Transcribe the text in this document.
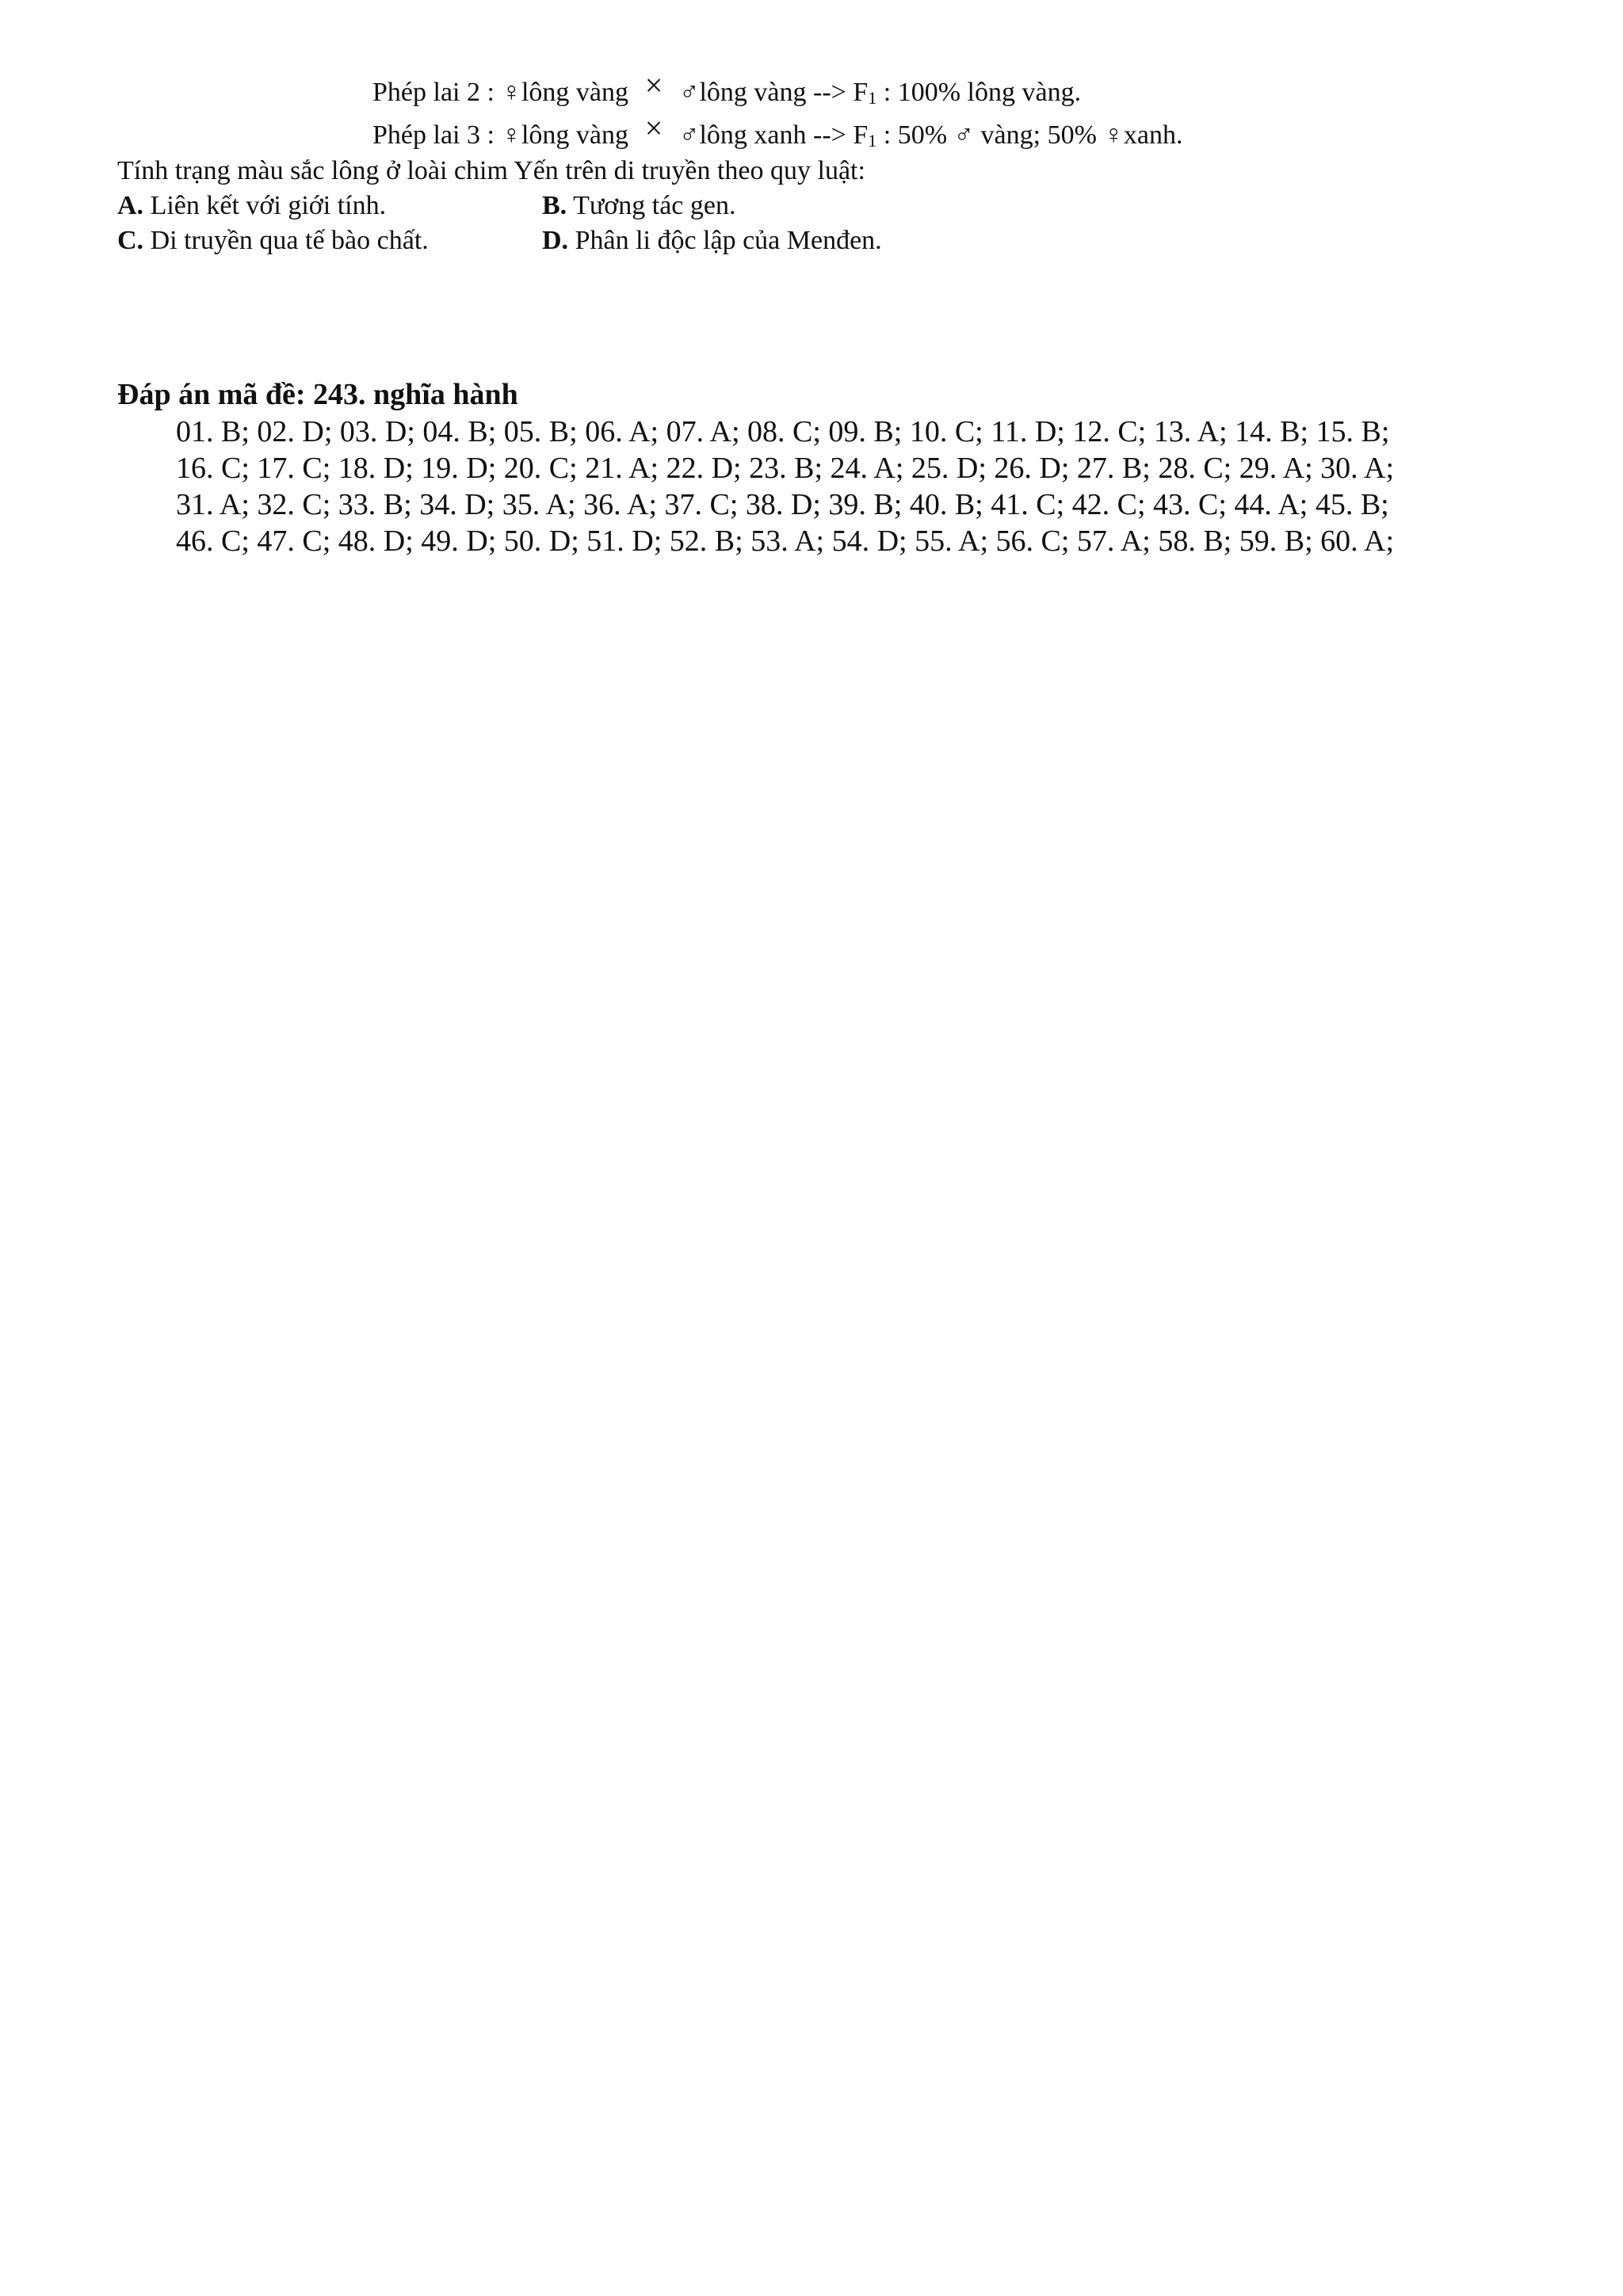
Phép lai 2 : ♀lông vàng × ♂lông vàng --> F1 : 100% lông vàng.
Phép lai 3 : ♀lông vàng × ♂lông xanh --> F1 : 50% ♂ vàng; 50% ♀xanh.
Tính trạng màu sắc lông ở loài chim Yến trên di truyền theo quy luật:
A. Liên kết với giới tính.	B. Tương tác gen.
C. Di truyền qua tế bào chất.	D. Phân li độc lập của Menđen.
Đáp án mã đề: 243. nghĩa hành
01. B; 02. D; 03. D; 04. B; 05. B; 06. A; 07. A; 08. C; 09. B; 10. C; 11. D; 12. C; 13. A; 14. B; 15. B;
16. C; 17. C; 18. D; 19. D; 20. C; 21. A; 22. D; 23. B; 24. A; 25. D; 26. D; 27. B; 28. C; 29. A; 30. A;
31. A; 32. C; 33. B; 34. D; 35. A; 36. A; 37. C; 38. D; 39. B; 40. B; 41. C; 42. C; 43. C; 44. A; 45. B;
46. C; 47. C; 48. D; 49. D; 50. D; 51. D; 52. B; 53. A; 54. D; 55. A; 56. C; 57. A; 58. B; 59. B; 60. A;
